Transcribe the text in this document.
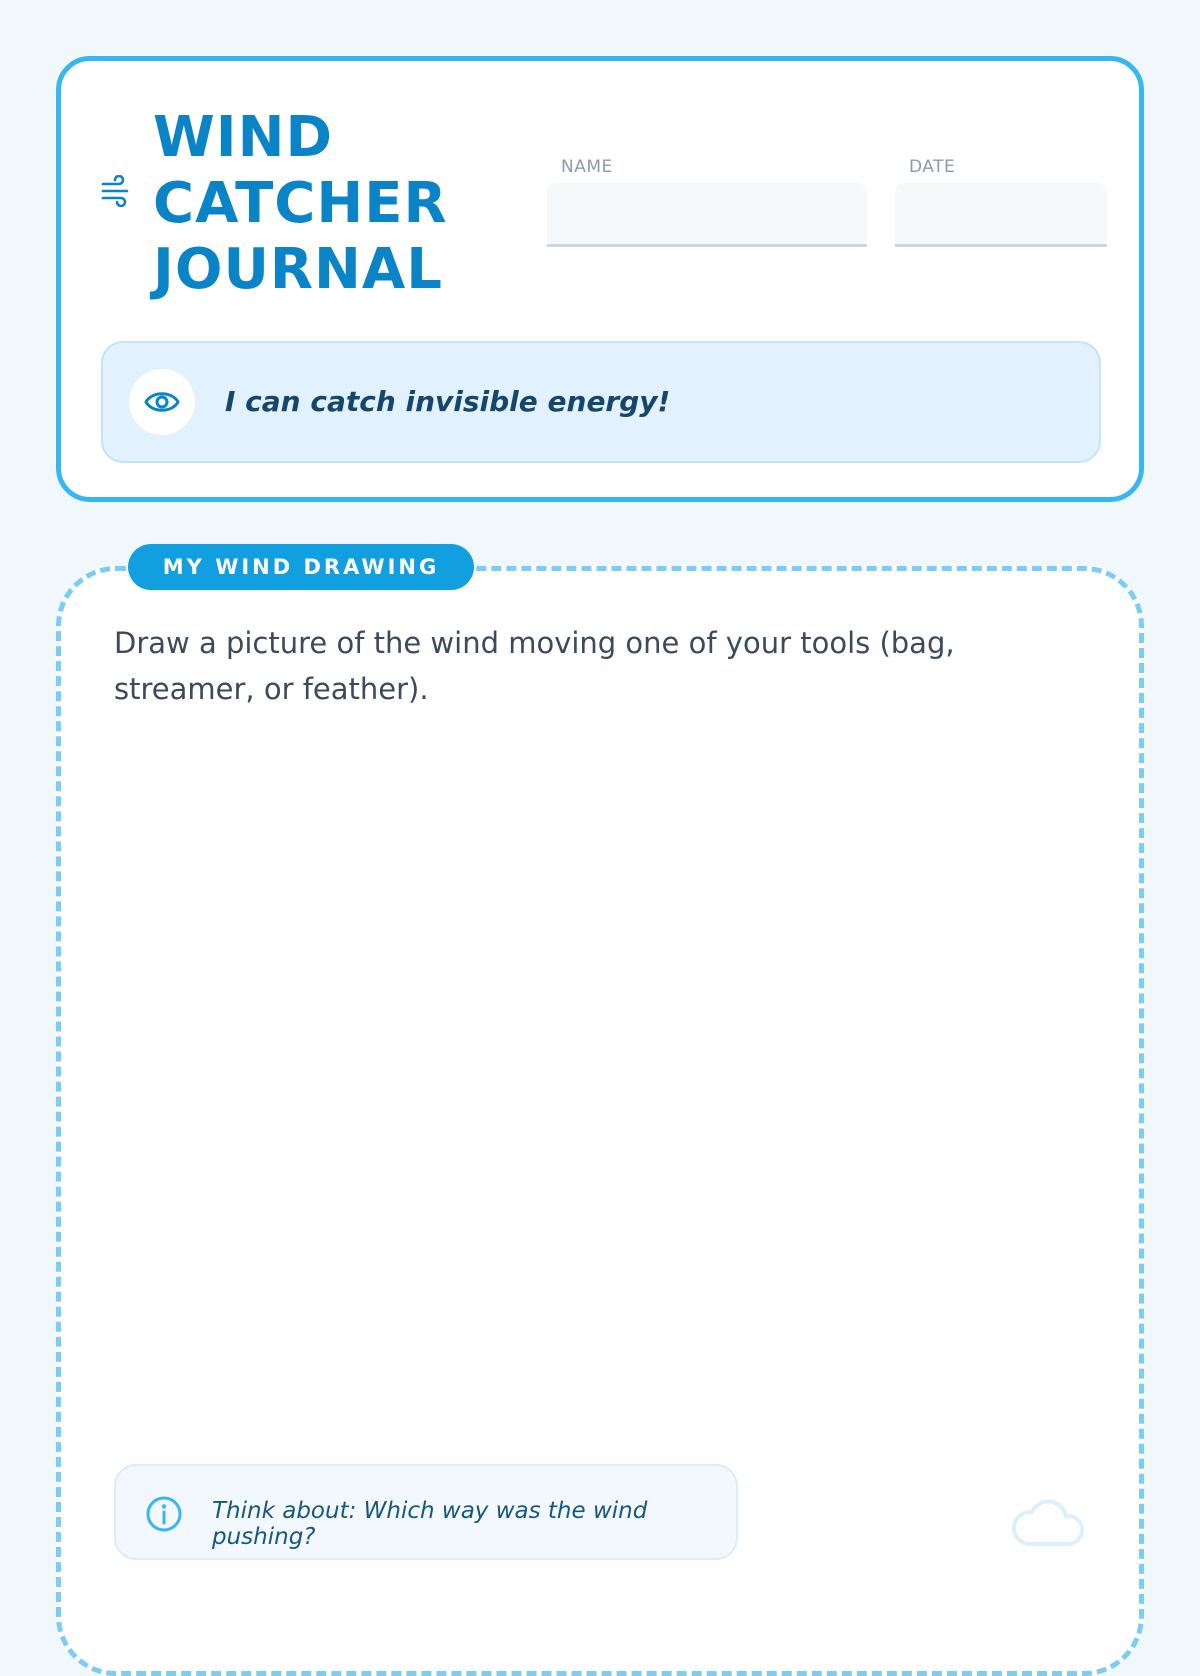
WIND
CATCHER
JOURNAL
NAME	DATE
I can catch invisible energy!
MY WIND DRAWING

Draw a picture of the wind moving one of your tools (bag, streamer, or feather).

Think about: Which way was the wind pushing?
